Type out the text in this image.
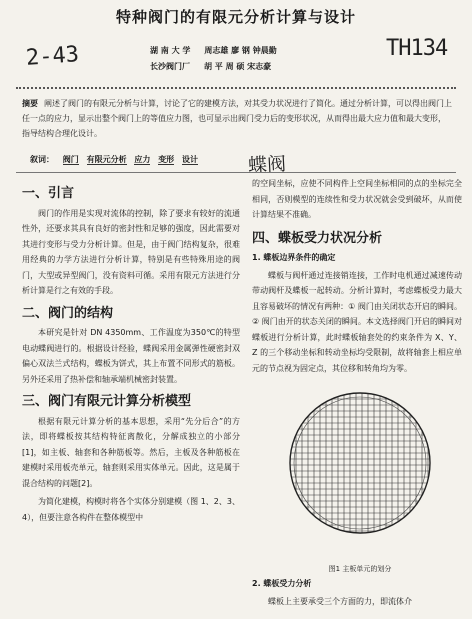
特种阀门的有限元分析计算与设计
2-43	TH134
湖 南 大 学 周志雄 廖 钢 钟晨勤
长沙阀门厂 胡 平 周 硕 宋志豪
摘要 阐述了阀门的有限元分析与计算，讨论了它的建模方法，对其受力状况进行了简化。通过分析计算，可以得出阀门上任一点的应力，显示出整个阀门上的等值应力图，也可显示出阀门受力后的变形状况，从而得出最大应力值和最大变形，指导结构合理化设计。
叙词： 阀门 有限元分析 应力 变形 设计	蝶阀
一、引言

阀门的作用是实现对流体的控制，除了要求有较好的流通性外，还要求其具有良好的密封性和足够的强度，因此需要对其进行变形与受力分析计算。但是，由于阀门结构复杂，很难用经典的力学方法进行分析计算，特别是有些特殊用途的阀门，大型或异型阀门，没有资料可循。采用有限元方法进行分析计算是行之有效的手段。

二、阀门的结构

本研究是针对 DN 4350mm、工作温度为350℃的特型电动蝶阀进行的。根据设计经验，蝶阀采用金属弹性硬密封双偏心双法兰式结构，蝶板为饼式，其上布置不同形式的筋板。另外还采用了热补偿和轴承端机械密封装置。

三、阀门有限元计算分析模型

根据有限元计算分析的基本思想，采用“先分后合”的方法，即将蝶板按其结构特征离散化，分解成独立的小部分[1]，如主板、轴套和各种筋板等。然后，主板及各种筋板在建模时采用板壳单元，轴套则采用实体单元。因此，这是属于混合结构的问题[2]。

为简化建模，构模时将各个实体分别建模（图 1、2、3、4），但要注意各构件在整体模型中

的空间坐标，应使不同构件上空间坐标相同的点的坐标完全相同，否则模型的连续性和受力状况就会受到破坏，从而使计算结果不准确。

四、蝶板受力状况分析
1. 蝶板边界条件的确定

蝶板与阀杆通过连接销连接，工作时电机通过减速传动带动阀杆及蝶板一起转动。分析计算时，考虑蝶板受力最大且容易破坏的情况有两种：① 阀门由关闭状态开启的瞬间。② 阀门由开的状态关闭的瞬间。本文选择阀门开启的瞬间对蝶板进行分析计算，此时蝶板轴套处的约束条件为 X、Y、Z 的三个移动坐标和转动坐标均受限制，故将轴套上相应单元的节点视为固定点，其位移和转角均为零。

图1 主板单元的划分
2. 蝶板受力分析

蝶板上主要承受三个方面的力，即流体介
